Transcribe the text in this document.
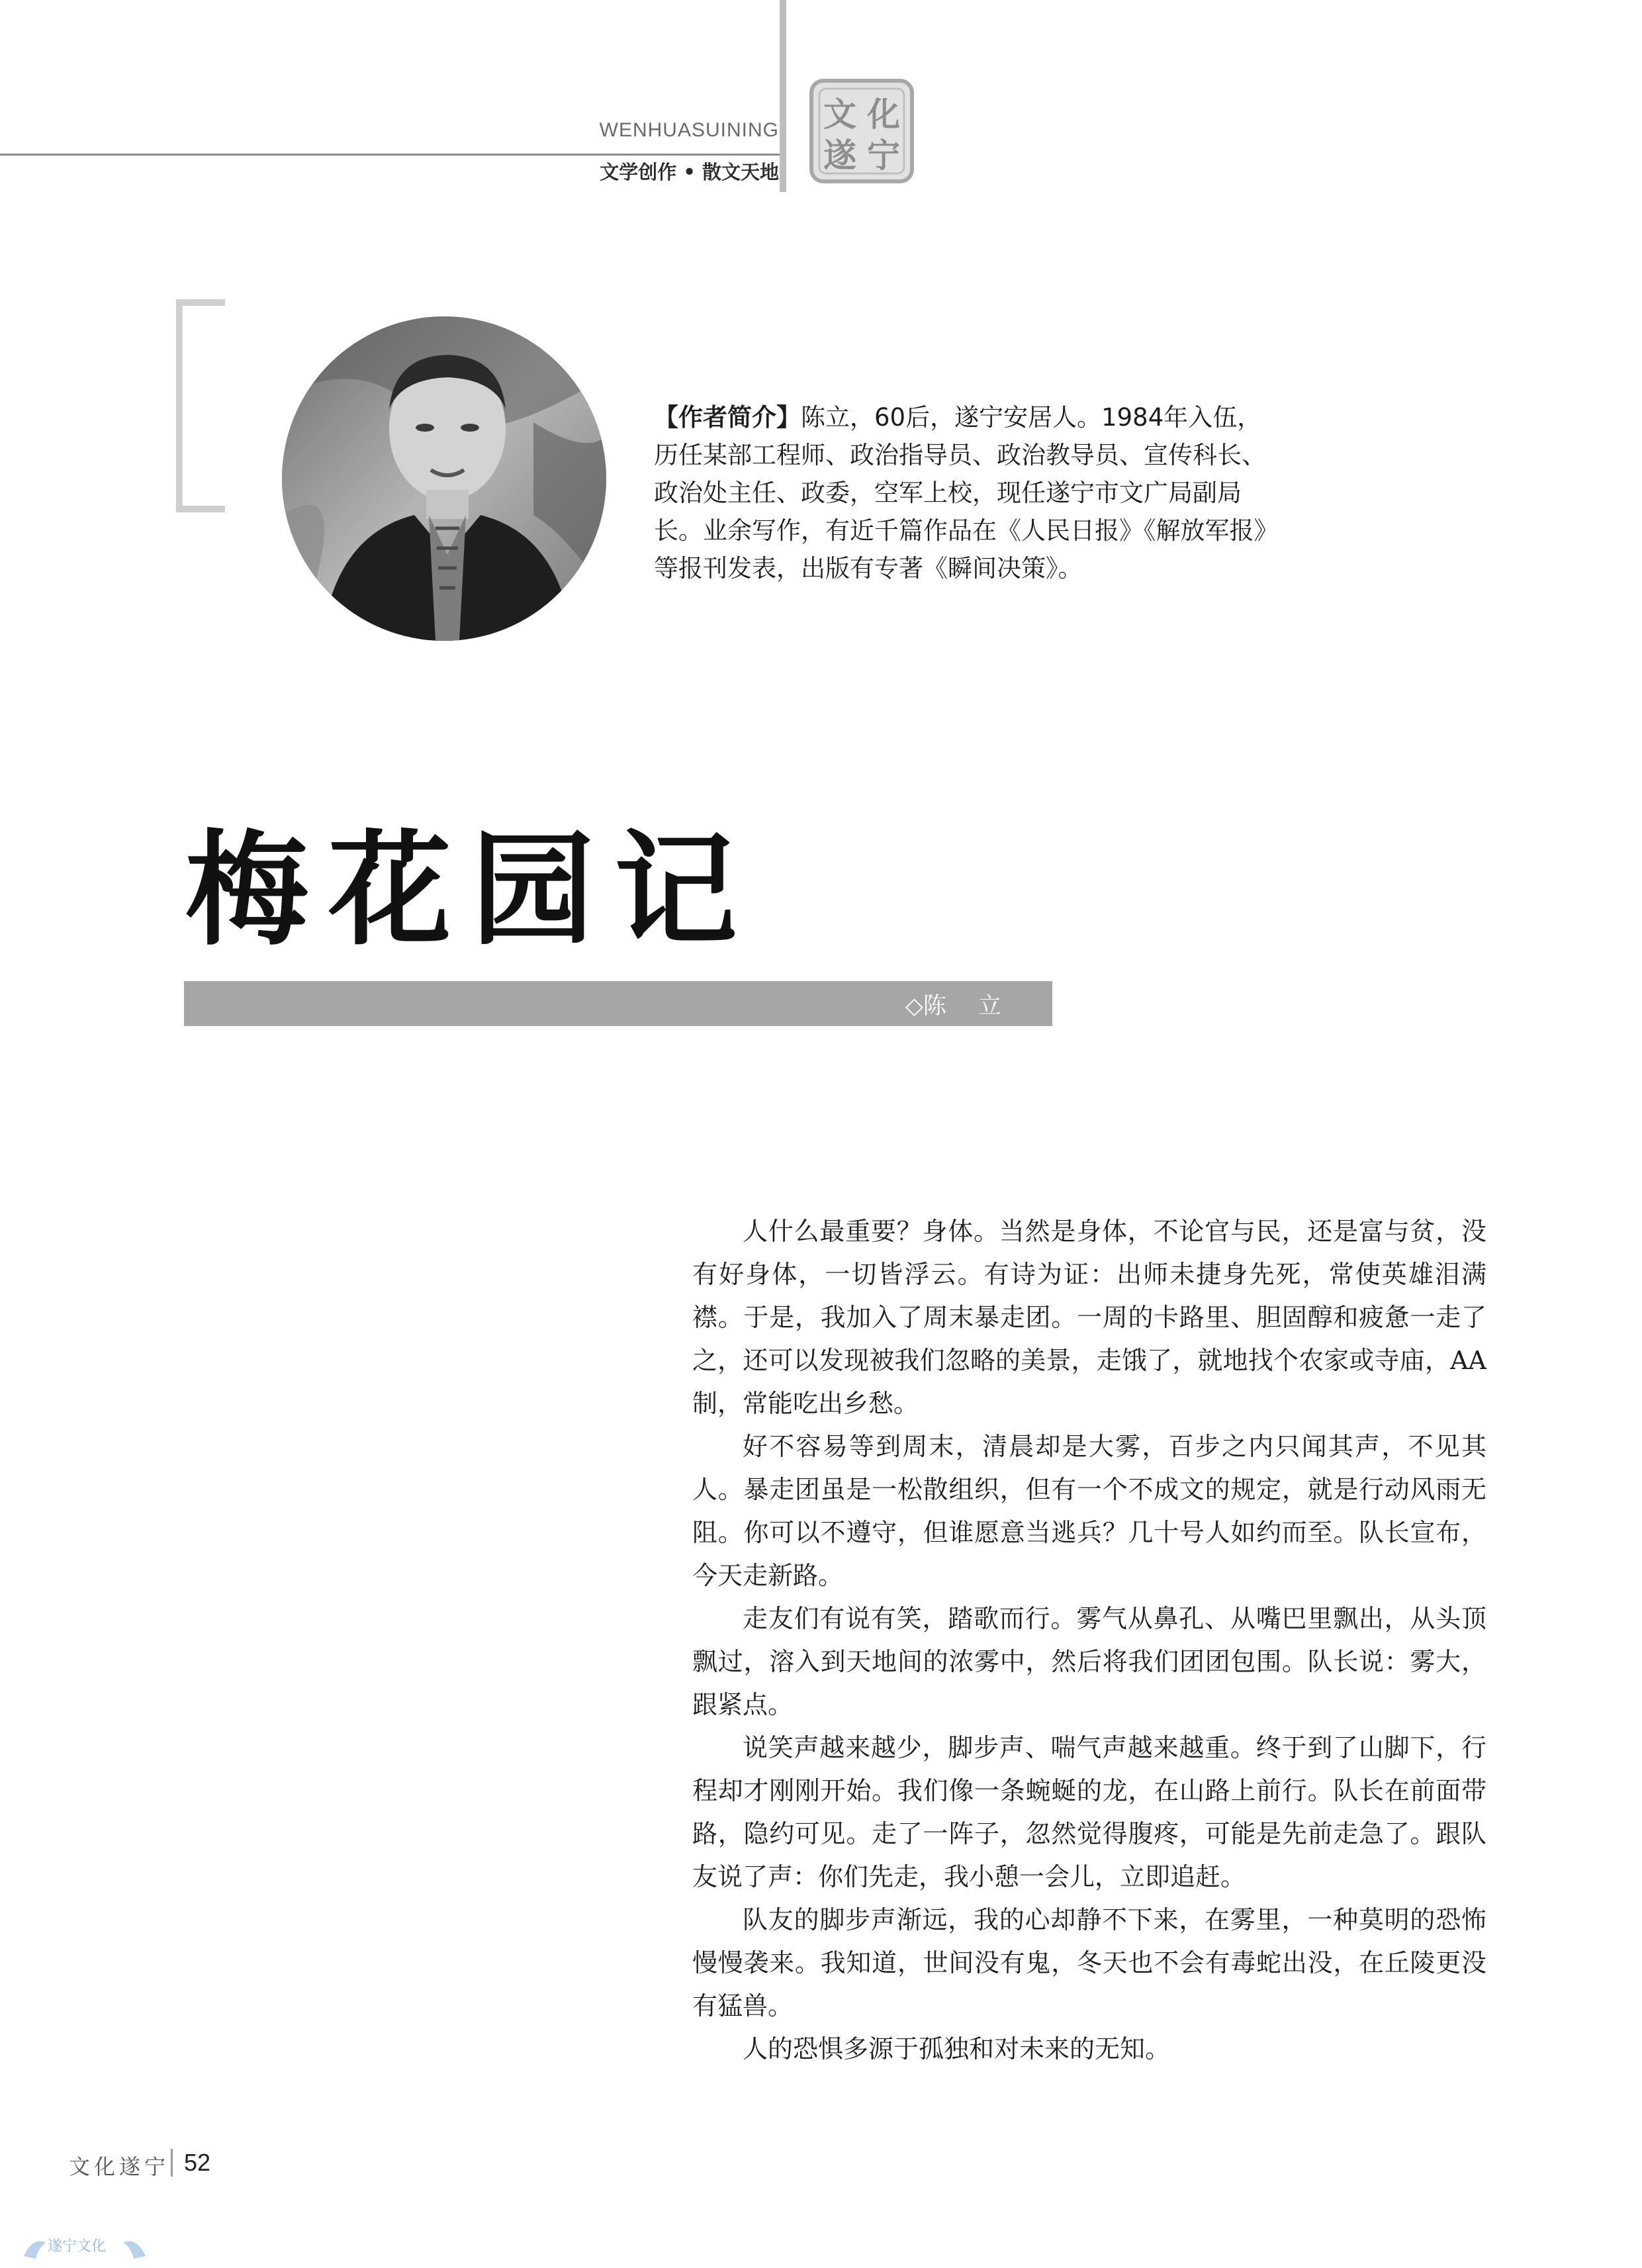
WENHUASUINING
文学创作 • 散文天地
文 化
遂 宁
【作者简介】陈立，60后，遂宁安居人。1984年入伍，历任某部工程师、政治指导员、政治教导员、宣传科长、政治处主任、政委，空军上校，现任遂宁市文广局副局长。业余写作，有近千篇作品在《人民日报》《解放军报》等报刊发表，出版有专著《瞬间决策》。
梅花园记
◇陈立

人什么最重要？身体。当然是身体，不论官与民，还是富与贫，没有好身体，一切皆浮云。有诗为证：出师未捷身先死，常使英雄泪满襟。于是，我加入了周末暴走团。一周的卡路里、胆固醇和疲惫一走了之，还可以发现被我们忽略的美景，走饿了，就地找个农家或寺庙，AA制，常能吃出乡愁。

好不容易等到周末，清晨却是大雾，百步之内只闻其声，不见其人。暴走团虽是一松散组织，但有一个不成文的规定，就是行动风雨无阻。你可以不遵守，但谁愿意当逃兵？几十号人如约而至。队长宣布，今天走新路。

走友们有说有笑，踏歌而行。雾气从鼻孔、从嘴巴里飘出，从头顶飘过，溶入到天地间的浓雾中，然后将我们团团包围。队长说：雾大，跟紧点。

说笑声越来越少，脚步声、喘气声越来越重。终于到了山脚下，行程却才刚刚开始。我们像一条蜿蜒的龙，在山路上前行。队长在前面带路，隐约可见。走了一阵子，忽然觉得腹疼，可能是先前走急了。跟队友说了声：你们先走，我小憩一会儿，立即追赶。

队友的脚步声渐远，我的心却静不下来，在雾里，一种莫明的恐怖慢慢袭来。我知道，世间没有鬼，冬天也不会有毒蛇出没，在丘陵更没有猛兽。

人的恐惧多源于孤独和对未来的无知。

文化遂宁 52
遂宁文化
